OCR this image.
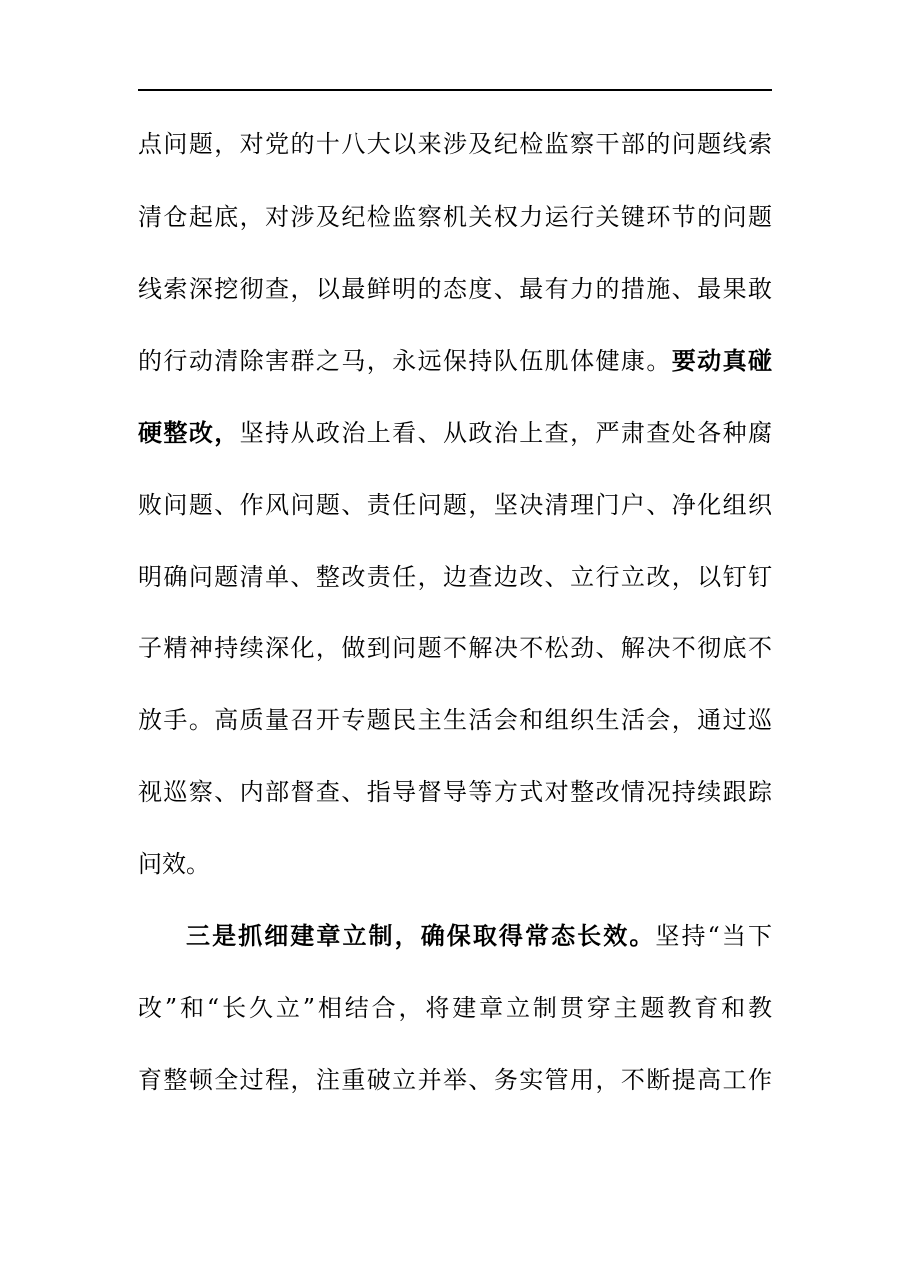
点问题，对党的十八大以来涉及纪检监察干部的问题线索
清仓起底，对涉及纪检监察机关权力运行关键环节的问题
线索深挖彻查，以最鲜明的态度、最有力的措施、最果敢
的行动清除害群之马，永远保持队伍肌体健康。要动真碰
硬整改，坚持从政治上看、从政治上查，严肃查处各种腐
败问题、作风问题、责任问题，坚决清理门户、净化组织
明确问题清单、整改责任，边查边改、立行立改，以钉钉
子精神持续深化，做到问题不解决不松劲、解决不彻底不
放手。高质量召开专题民主生活会和组织生活会，通过巡
视巡察、内部督查、指导督导等方式对整改情况持续跟踪
问效。
三是抓细建章立制，确保取得常态长效。坚持“当下
改”和“长久立”相结合，将建章立制贯穿主题教育和教
育整顿全过程，注重破立并举、务实管用，不断提高工作
